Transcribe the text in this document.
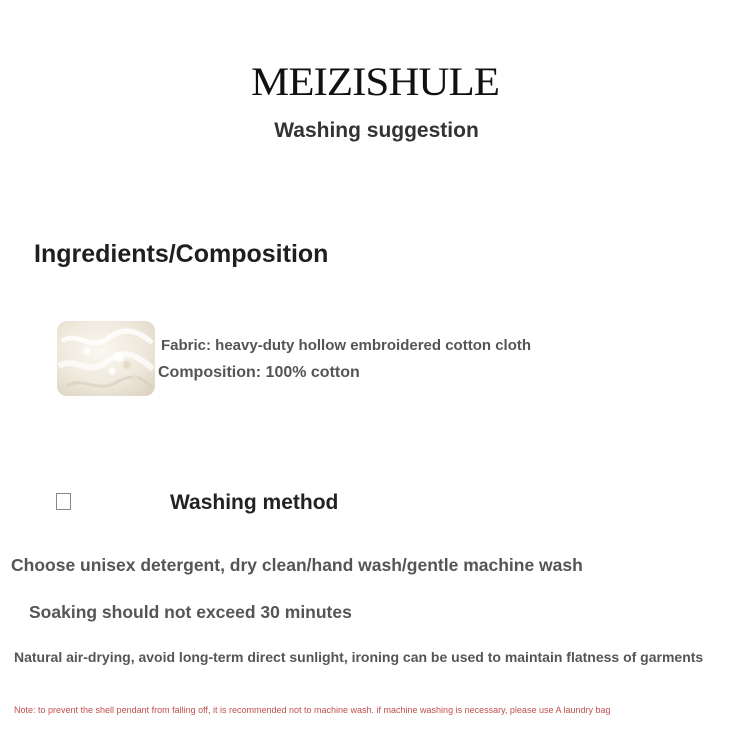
MEIZISHULE
Washing suggestion
Ingredients/Composition
Fabric: heavy-duty hollow embroidered cotton cloth
Composition: 100% cotton
Washing method
Choose unisex detergent, dry clean/hand wash/gentle machine wash
Soaking should not exceed 30 minutes
Natural air-drying, avoid long-term direct sunlight, ironing can be used to maintain flatness of garments
Note: to prevent the shell pendant from falling off, it is recommended not to machine wash. if machine washing is necessary, please use A laundry bag
